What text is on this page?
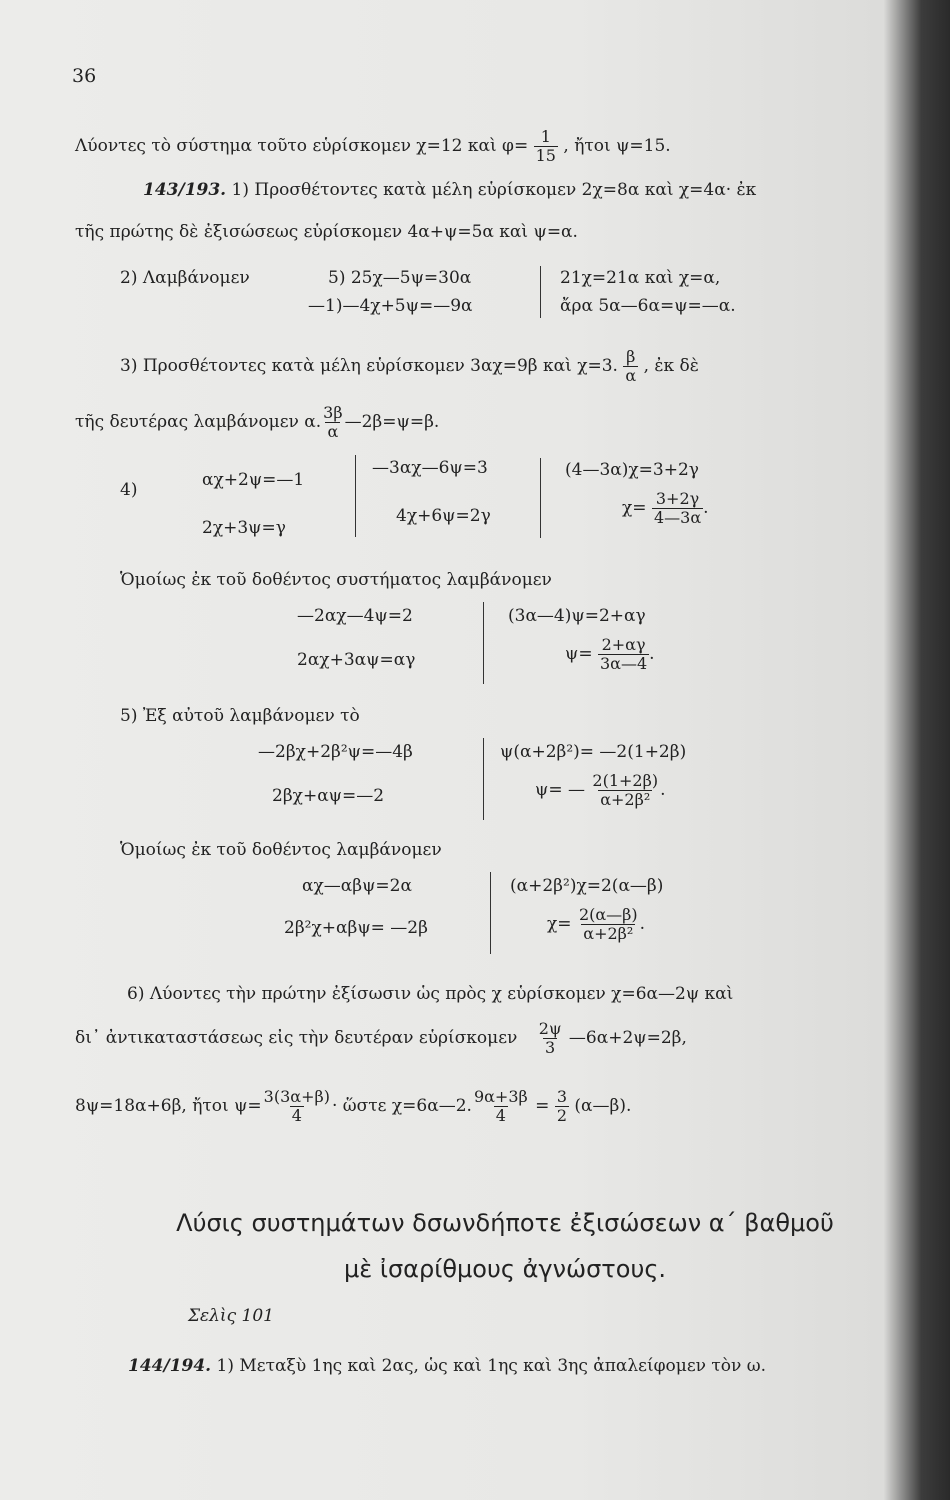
36
Λύοντες τὸ σύστημα τοῦτο εὑρίσκομεν χ=12 καὶ $\varphi= \frac{1}{15}$ , ἤτοι ψ=15.
143/193. 1) Προσθέτοντες κατὰ μέλη εὑρίσκομεν 2χ=8α καὶ χ=4α· ἐκ
τῆς πρώτης δὲ ἐξισώσεως εὑρίσκομεν 4α+ψ=5α καὶ ψ=α.
2) Λαμβάνομεν	5) 25χ—5ψ=30α
—1)—4χ+5ψ=—9α
21χ=21α καὶ χ=α,
ἄρα 5α—6α=ψ=—α.
3) Προσθέτοντες κατὰ μέλη εὑρίσκομεν 3αχ=9β καὶ χ=3. $\frac{\beta}{\alpha}$ , ἐκ δὲ
τῆς δευτέρας λαμβάνομεν α. $\frac{3\beta}{\alpha}$ —2β=ψ=β.
4)	αχ+2ψ=—1
2χ+3ψ=γ
—3αχ—6ψ=3
4χ+6ψ=2γ
(4—3α)χ=3+2γ
$\chi= \frac{3+2\gamma}{4—3\alpha}$ .
Ὁμοίως ἐκ τοῦ δοθέντος συστήματος λαμβάνομεν
—2αχ—4ψ=2
2αχ+3αψ=αγ
(3α—4)ψ=2+αγ
$\psi= \frac{2+\alpha\gamma}{3\alpha—4}$ .
5) Ἐξ αὐτοῦ λαμβάνομεν τὸ
—2βχ+2β²ψ=—4β
2βχ+αψ=—2
ψ(α+2β²)= —2(1+2β)
ψ= — $\frac{2(1+2\beta)}{\text{α+2β²}}$ .
Ὁμοίως ἐκ τοῦ δοθέντος λαμβάνομεν
αχ—αβψ=2α
2β²χ+αβψ= —2β
(α+2β²)χ=2(α—β)
$\chi= \frac{2(\alpha—\beta)}{\text{α+2β²}}$ .
6) Λύοντες τὴν πρώτην ἐξίσωσιν ὡς πρὸς χ εὑρίσκομεν χ=6α—2ψ καὶ
δι᾿ ἀντικαταστάσεως εἰς τὴν δευτέραν εὑρίσκομεν $\frac{2\psi}{3}$ —6α+2ψ=2β,
8ψ=18α+6β, ἤτοι $\psi= \frac{3(3\alpha+\beta)}{4}$ · ὥστε χ=6α—2. $\frac{9\alpha+3\beta}{4} = \frac{3}{2}$ (α—β).
Λύσις συστημάτων δσωνδήποτε ἐξισώσεων α΄ βαθμοῦ
μὲ ἰσαρίθμους ἀγνώστους.
Σελὶς 101
144/194. 1) Μεταξὺ 1ης καὶ 2ας, ὡς καὶ 1ης καὶ 3ης ἀπαλείφομεν τὸν ω.
